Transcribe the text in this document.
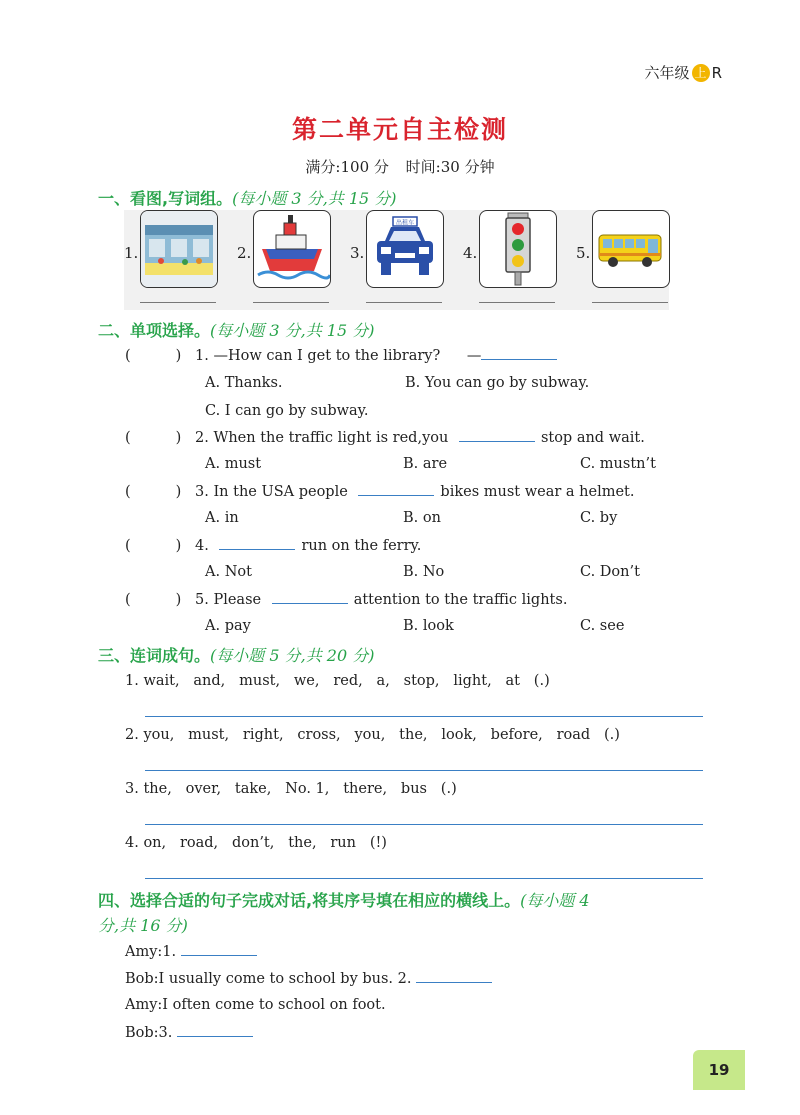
六年级 上 R
第二单元自主检测
满分:100 分 时间:30 分钟
一、看图,写词组。(每小题 3 分,共 15 分)
1.	2.	3.
出租车
4.	5.
二、单项选择。(每小题 3 分,共 15 分)
(	) 1. —How can I get to the library? —
A. Thanks.	B. You can go by subway.
C. I can go by subway.
(	) 2. When the traffic light is red,you	stop and wait.
A. must	B. are	C. mustn’t
(	) 3. In the USA people	bikes must wear a helmet.
A. in	B. on	C. by
(	) 4.	run on the ferry.
A. Not	B. No	C. Don’t
(	) 5. Please	attention to the traffic lights.
A. pay	B. look	C. see
三、连词成句。(每小题 5 分,共 20 分)
1. wait,   and,   must,   we,   red,   a,   stop,   light,   at   (.)
2. you,   must,   right,   cross,   you,   the,   look,   before,   road   (.)
3. the,   over,   take,   No. 1,   there,   bus   (.)
4. on,   road,   don’t,   the,   run   (!)
四、选择合适的句子完成对话,将其序号填在相应的横线上。(每小题 4
分,共 16 分)
Amy:1.
Bob:I usually come to school by bus. 2.
Amy:I often come to school on foot.
Bob:3.
19
